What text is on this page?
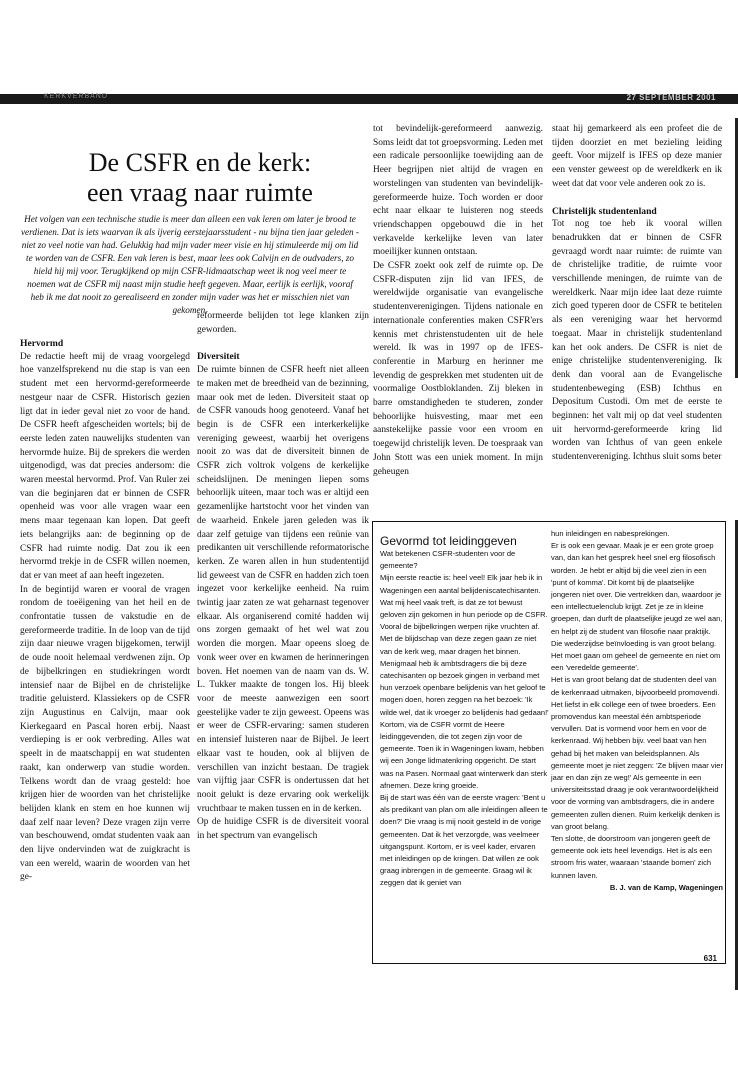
KERKVERBAND	27 SEPTEMBER 2001
De CSFR en de kerk:
een vraag naar ruimte

Het volgen van een technische studie is meer dan alleen een vak leren om later je brood te verdienen. Dat is iets waarvan ik als ijverig eerstejaarsstudent - nu bijna tien jaar geleden - niet zo veel notie van had. Gelukkig had mijn vader meer visie en hij stimuleerde mij om lid te worden van de CSFR. Een vak leren is best, maar lees ook Calvijn en de oudvaders, zo hield hij mij voor. Terugkijkend op mijn CSFR-lidmaatschap weet ik nog veel meer te noemen wat de CSFR mij naast mijn studie heeft gegeven. Maar, eerlijk is eerlijk, vooraf heb ik me dat nooit zo gerealiseerd en zonder mijn vader was het er misschien niet van gekomen.

Hervormd

De redactie heeft mij de vraag voorgelegd hoe vanzelfsprekend nu die stap is van een student met een hervormd-gereformeerde nestgeur naar de CSFR. Historisch gezien ligt dat in ieder geval niet zo voor de hand. De CSFR heeft afgescheiden wortels; bij de eerste leden zaten nauwelijks studenten van hervormde huize. Bij de sprekers die werden uitgenodigd, was dat precies andersom: die waren meestal hervormd. Prof. Van Ruler zei van die beginjaren dat er binnen de CSFR openheid was voor alle vragen waar een mens maar tegenaan kan lopen. Dat geeft iets belangrijks aan: de beginning op de CSFR had ruimte nodig. Dat zou ik een hervormd trekje in de CSFR willen noemen, dat er van meet af aan heeft ingezeten.

In de begintijd waren er vooral de vragen rondom de toeëigening van het heil en de confrontatie tussen de vakstudie en de gereformeerde traditie. In de loop van de tijd zijn daar nieuwe vragen bijgekomen, terwijl de oude nooit helemaal verdwenen zijn. Op de bijbelkringen en studiekringen wordt intensief naar de Bijbel en de christelijke traditie geluisterd. Klassiekers op de CSFR zijn Augustinus en Calvijn, maar ook Kierkegaard en Pascal horen erbij. Naast verdieping is er ook verbreding. Alles wat speelt in de maatschappij en wat studenten raakt, kan onderwerp van studie worden. Telkens wordt dan de vraag gesteld: hoe krijgen hier de woorden van het christelijke belijden klank en stem en hoe kunnen wij daaf zelf naar leven? Deze vragen zijn verre van beschouwend, omdat studenten vaak aan den lijve ondervinden wat de zuigkracht is van een wereld, waarin de woorden van het ge-

reformeerde belijden tot lege klanken zijn geworden.

Diversiteit

De ruimte binnen de CSFR heeft niet alleen te maken met de breedheid van de bezinning, maar ook met de leden. Diversiteit staat op de CSFR vanouds hoog genoteerd. Vanaf het begin is de CSFR een interkerkelijke vereniging geweest, waarbij het overigens nooit zo was dat de diversiteit binnen de CSFR zich voltrok volgens de kerkelijke scheidslijnen. De meningen liepen soms behoorlijk uiteen, maar toch was er altijd een gezamenlijke hartstocht voor het vinden van de waarheid. Enkele jaren geleden was ik daar zelf getuige van tijdens een reünie van predikanten uit verschillende reformatorische kerken. Ze waren allen in hun studententijd lid geweest van de CSFR en hadden zich toen ingezet voor kerkelijke eenheid. Na ruim twintig jaar zaten ze wat geharnast tegenover elkaar. Als organiserend comité hadden wij ons zorgen gemaakt of het wel wat zou worden die morgen. Maar opeens sloeg de vonk weer over en kwamen de herinneringen boven. Het noemen van de naam van ds. W. L. Tukker maakte de tongen los. Hij bleek voor de meeste aanwezigen een soort geestelijke vader te zijn geweest. Opeens was er weer de CSFR-ervaring: samen studeren en intensief luisteren naar de Bijbel. Je leert elkaar vast te houden, ook al blijven de verschillen van inzicht bestaan. De tragiek van vijftig jaar CSFR is ondertussen dat het nooit gelukt is deze ervaring ook werkelijk vruchtbaar te maken tussen en in de kerken.

Op de huidige CSFR is de diversiteit vooral in het spectrum van evangelisch

tot bevindelijk-gereformeerd aanwezig. Soms leidt dat tot groepsvorming. Leden met een radicale persoonlijke toewijding aan de Heer begrijpen niet altijd de vragen en worstelingen van studenten van bevindelijk-gereformeerde huize. Toch worden er door echt naar elkaar te luisteren nog steeds vriendschappen opgebouwd die in het verkavelde kerkelijke leven van later moeilijker kunnen ontstaan.

De CSFR zoekt ook zelf de ruimte op. De CSFR-disputen zijn lid van IFES, de wereldwijde organisatie van evangelische studentenverenigingen. Tijdens nationale en internationale conferenties maken CSFR'ers kennis met christenstudenten uit de hele wereld. Ik was in 1997 op de IFES-conferentie in Marburg en herinner me levendig de gesprekken met studenten uit de voormalige Oostbloklanden. Zij bleken in barre omstandigheden te studeren, zonder behoorlijke huisvesting, maar met een aanstekelijke passie voor een vroom en toegewijd christelijk leven. De toespraak van John Stott was een uniek moment. In mijn geheugen

staat hij gemarkeerd als een profeet die de tijden doorziet en met bezieling leiding geeft. Voor mijzelf is IFES op deze manier een venster geweest op de wereldkerk en ik weet dat dat voor vele anderen ook zo is.

Christelijk studentenland

Tot nog toe heb ik vooral willen benadrukken dat er binnen de CSFR gevraagd wordt naar ruimte: de ruimte van de christelijke traditie, de ruimte voor verschillende meningen, de ruimte van de wereldkerk. Naar mijn idee laat deze ruimte zich goed typeren door de CSFR te betitelen als een vereniging waar het hervormd toegaat. Maar in christelijk studentenland kan het ook anders. De CSFR is niet de enige christelijke studentenvereniging. Ik denk dan vooral aan de Evangelische studentenbeweging (ESB) Ichthus en Depositum Custodi. Om met de eerste te beginnen: het valt mij op dat veel studenten uit hervormd-gereformeerde kring lid worden van Ichthus of van geen enkele studentenvereniging. Ichthus sluit soms beter

Gevormd tot leidinggeven

Wat betekenen CSFR-studenten voor de gemeente?

Mijn eerste reactie is: heel veel! Elk jaar heb ik in Wageningen een aantal belijdeniscatechisanten. Wat mij heel vaak treft, is dat ze tot bewust geloven zijn gekomen in hun periode op de CSFR. Vooral de bijbelkringen werpen rijke vruchten af. Met de blijdschap van deze zegen gaan ze niet van de kerk weg, maar dragen het binnen. Menigmaal heb ik ambtsdragers die bij deze catechisanten op bezoek gingen in verband met hun verzoek openbare belijdenis van het geloof te mogen doen, horen zeggen na het bezoek: 'Ik wilde wel, dat ik vroeger zo belijdenis had gedaan!' Kortom, via de CSFR vormt de Heere leidinggevenden, die tot zegen zijn voor de gemeente. Toen ik in Wageningen kwam, hebben wij een Jonge lidmatenkring opgericht. De start was na Pasen. Normaal gaat winterwerk dan sterk afnemen. Deze kring groeide.

Bij de start was één van de eerste vragen: 'Bent u als predikant van plan om alle inleidingen alleen te doen?' Die vraag is mij nooit gesteld in de vorige gemeenten. Dat ik het verzorgde, was veelmeer uitgangspunt. Kortom, er is veel kader, ervaren met inleidingen op de kringen. Dat willen ze ook graag inbrengen in de gemeente. Graag wil ik zeggen dat ik geniet van

hun inleidingen en nabesprekingen.

Er is ook een gevaar. Maak je er een grote groep van, dan kan het gesprek heel snel erg filosofisch worden. Je hebt er altijd bij die veel zien in een 'punt of komma'. Dit komt bij de plaatselijke jongeren niet over. Die vertrekken dan, waardoor je een intellectuelenclub krijgt. Zet je ze in kleine groepen, dan durft de plaatselijke jeugd ze wel aan, en helpt zij de student van filosofie naar praktijk. Die wederzijdse beïnvloeding is van groot belang. Het moet gaan om geheel de gemeente en niet om een 'veredelde gemeente'.

Het is van groot belang dat de studenten deel van de kerkenraad uitmaken, bijvoorbeeld promovendi. Het liefst in elk college een of twee broeders. Een promovendus kan meestal één ambtsperiode vervullen. Dat is vormend voor hem en voor de kerkenraad. Wij hebben bijv. veel baat van hen gehad bij het maken van beleidsplannen. Als gemeente moet je niet zeggen: 'Ze blijven maar vier jaar en dan zijn ze weg!' Als gemeente in een universiteitsstad draag je ook verantwoordelijkheid voor de vorming van ambtsdragers, die in andere gemeenten zullen dienen. Ruim kerkelijk denken is van groot belang.

Ten slotte, de doorstroom van jongeren geeft de gemeente ook iets heel levendigs. Het is als een stroom fris water, waaraan 'staande bomen' zich kunnen laven.

B. J. van de Kamp, Wageningen

631
